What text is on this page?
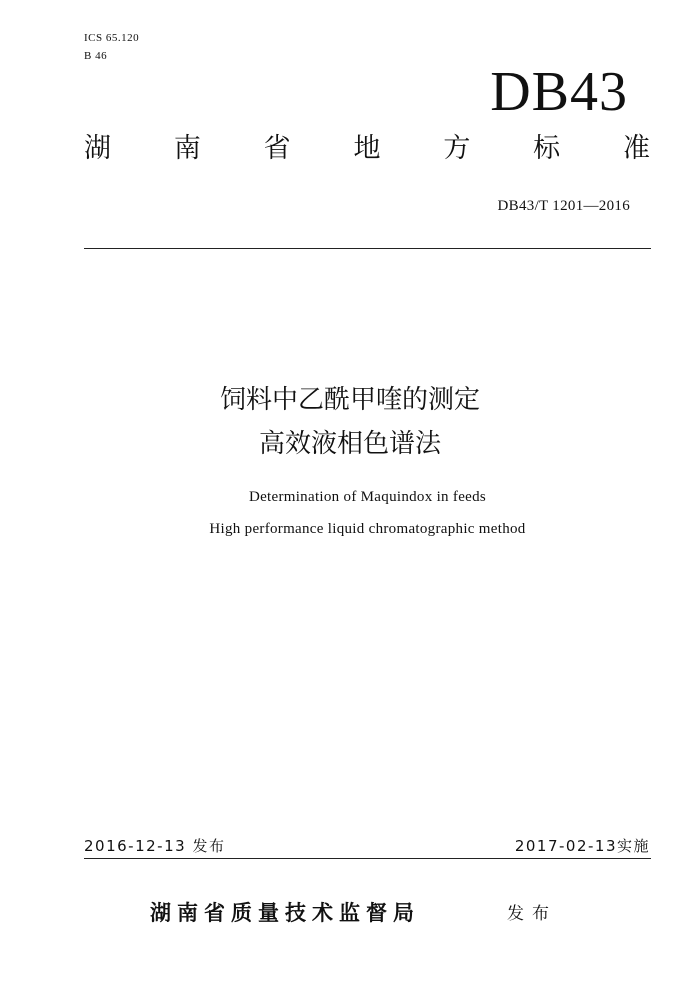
ICS 65.120
B 46
DB43
湖 南 省 地 方 标 准
DB43/T 1201—2016
饲料中乙酰甲喹的测定
高效液相色谱法
Determination of Maquindox in feeds
High performance liquid chromatographic method
2016-12-13 发布	2017-02-13实施
湖南省质量技术监督局	发布
